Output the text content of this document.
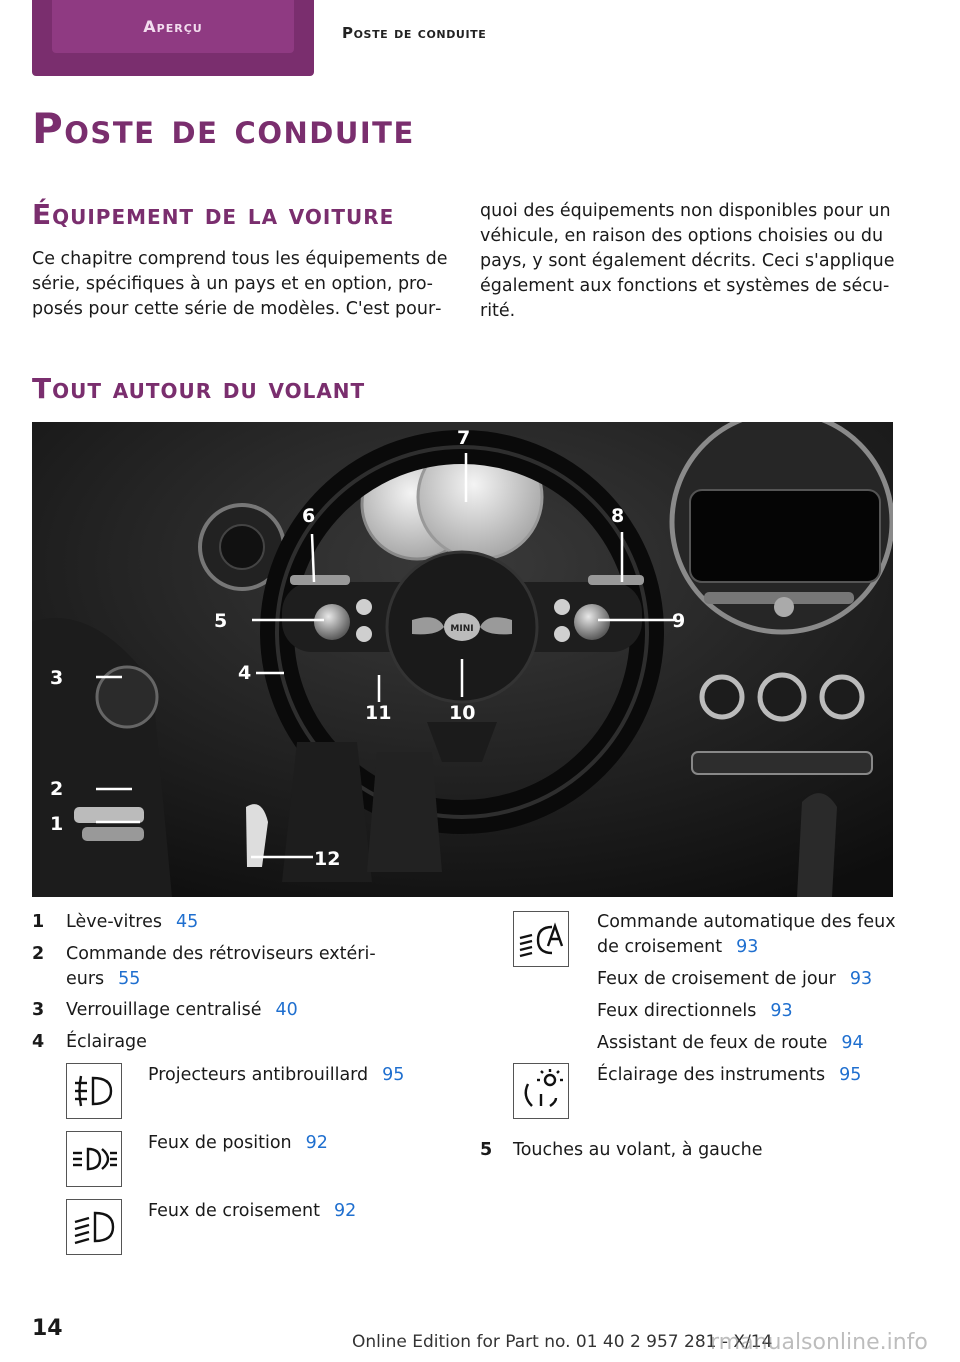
Aperçu	Poste de conduite
Poste de conduite
Équipement de la voiture
Ce chapitre comprend tous les équipements de
série, spécifiques à un pays et en option, pro‐
posés pour cette série de modèles. C'est pour‐
quoi des équipements non disponibles pour un
véhicule, en raison des options choisies ou du
pays, y sont également décrits. Ceci s'applique
également aux fonctions et systèmes de sécu‐
rité.
Tout autour du volant
MINI
1
2
3	4
5
6
7
8
9
10
11
12
1 Lève-vitres 45
2 Commande des rétroviseurs extéri‐
eurs 55
3 Verrouillage centralisé 40
4 Éclairage
Projecteurs antibrouillard 95
Feux de position 92
Feux de croisement 92
Commande automatique des feux
de croisement 93
Feux de croisement de jour 93
Feux directionnels 93
Assistant de feux de route 94
Éclairage des instruments 95
5 Touches au volant, à gauche
14
Online Edition for Part no. 01 40 2 957 281 - X/14
rmanualsonline.info
